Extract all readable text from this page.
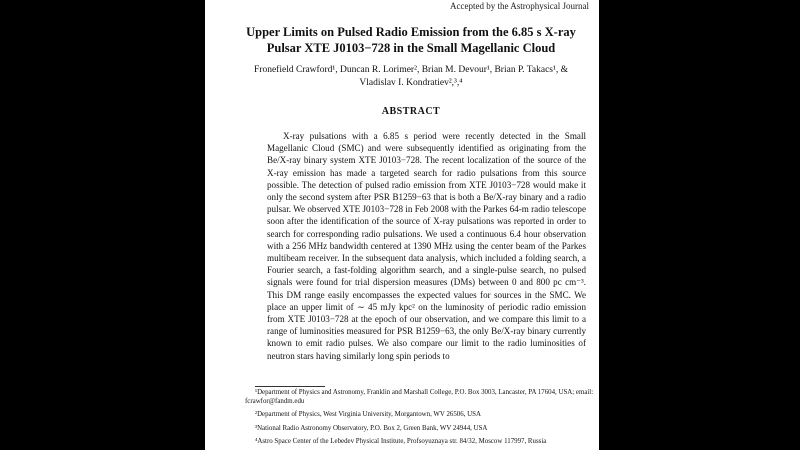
Accepted by the Astrophysical Journal
Upper Limits on Pulsed Radio Emission from the 6.85 s X-ray Pulsar XTE J0103−728 in the Small Magellanic Cloud
Fronefield Crawford¹, Duncan R. Lorimer², Brian M. Devour¹, Brian P. Takacs¹, &
Vladislav I. Kondratiev²,³,⁴
ABSTRACT
X-ray pulsations with a 6.85 s period were recently detected in the Small Magellanic Cloud (SMC) and were subsequently identified as originating from the Be/X-ray binary system XTE J0103−728. The recent localization of the source of the X-ray emission has made a targeted search for radio pulsations from this source possible. The detection of pulsed radio emission from XTE J0103−728 would make it only the second system after PSR B1259−63 that is both a Be/X-ray binary and a radio pulsar. We observed XTE J0103−728 in Feb 2008 with the Parkes 64-m radio telescope soon after the identification of the source of X-ray pulsations was reported in order to search for corresponding radio pulsations. We used a continuous 6.4 hour observation with a 256 MHz bandwidth centered at 1390 MHz using the center beam of the Parkes multibeam receiver. In the subsequent data analysis, which included a folding search, a Fourier search, a fast-folding algorithm search, and a single-pulse search, no pulsed signals were found for trial dispersion measures (DMs) between 0 and 800 pc cm⁻³. This DM range easily encompasses the expected values for sources in the SMC. We place an upper limit of ∼ 45 mJy kpc² on the luminosity of periodic radio emission from XTE J0103−728 at the epoch of our observation, and we compare this limit to a range of luminosities measured for PSR B1259−63, the only Be/X-ray binary currently known to emit radio pulses. We also compare our limit to the radio luminosities of neutron stars having similarly long spin periods to

¹Department of Physics and Astronomy, Franklin and Marshall College, P.O. Box 3003, Lancaster, PA 17604, USA; email: fcrawfor@fandm.edu

²Department of Physics, West Virginia University, Morgantown, WV 26506, USA

³National Radio Astronomy Observatory, P.O. Box 2, Green Bank, WV 24944, USA

⁴Astro Space Center of the Lebedev Physical Institute, Profsoyuznaya str. 84/32, Moscow 117997, Russia
